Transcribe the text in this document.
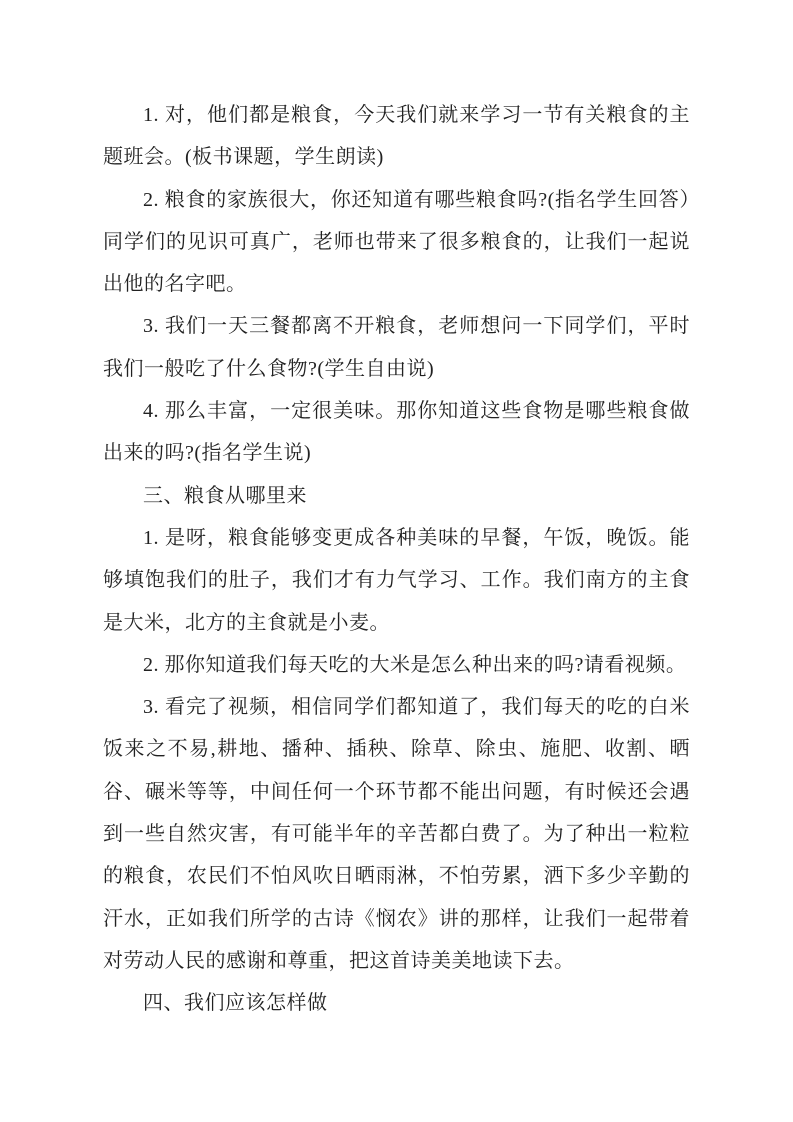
1. 对，他们都是粮食，今天我们就来学习一节有关粮食的主题班会。(板书课题，学生朗读)

2. 粮食的家族很大，你还知道有哪些粮食吗?(指名学生回答）同学们的见识可真广，老师也带来了很多粮食的，让我们一起说出他的名字吧。

3. 我们一天三餐都离不开粮食，老师想问一下同学们，平时我们一般吃了什么食物?(学生自由说)

4. 那么丰富，一定很美味。那你知道这些食物是哪些粮食做出来的吗?(指名学生说)

三、粮食从哪里来

1. 是呀，粮食能够变更成各种美味的早餐，午饭，晚饭。能够填饱我们的肚子，我们才有力气学习、工作。我们南方的主食是大米，北方的主食就是小麦。

2. 那你知道我们每天吃的大米是怎么种出来的吗?请看视频。

3. 看完了视频，相信同学们都知道了，我们每天的吃的白米饭来之不易,耕地、播种、插秧、除草、除虫、施肥、收割、晒谷、碾米等等，中间任何一个环节都不能出问题，有时候还会遇到一些自然灾害，有可能半年的辛苦都白费了。为了种出一粒粒的粮食，农民们不怕风吹日晒雨淋，不怕劳累，洒下多少辛勤的汗水，正如我们所学的古诗《悯农》讲的那样，让我们一起带着对劳动人民的感谢和尊重，把这首诗美美地读下去。

四、我们应该怎样做
